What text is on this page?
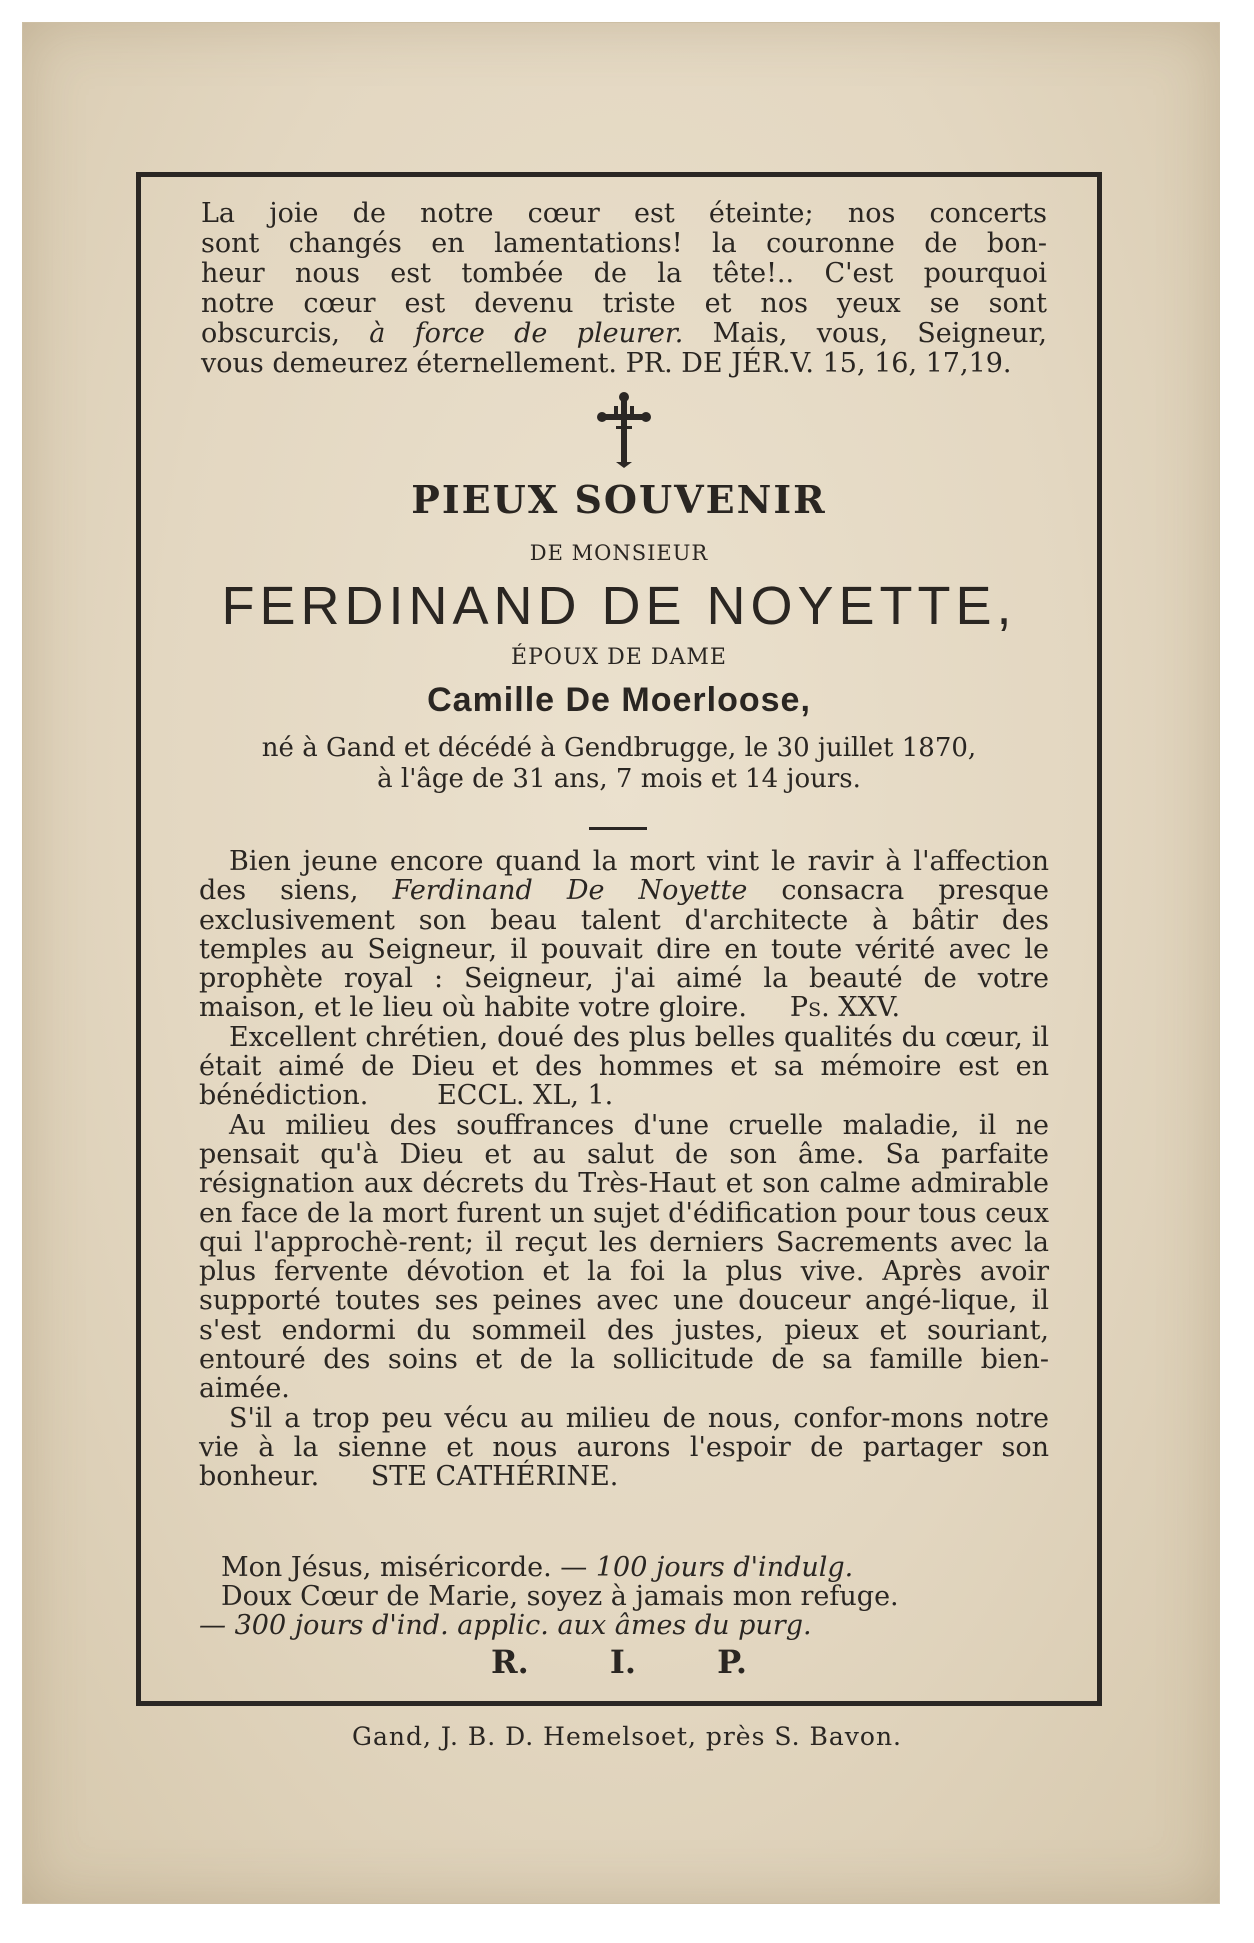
La joie de notre cœur est éteinte; nos concerts

sont changés en lamentations! la couronne de bon-

heur nous est tombée de la tête!.. C'est pourquoi

notre cœur est devenu triste et nos yeux se sont

obscurcis, à force de pleurer. Mais, vous, Seigneur,

vous demeurez éternellement. PR. DE JÉR.V. 15, 16, 17,19.

PIEUX SOUVENIR
DE MONSIEUR
FERDINAND DE NOYETTE,
ÉPOUX DE DAME
Camille De Moerloose,
né à Gand et décédé à Gendbrugge, le 30 juillet 1870,
à l'âge de 31 ans, 7 mois et 14 jours.

Bien jeune encore quand la mort vint le ravir à l'affection des siens, Ferdinand De Noyette consacra presque exclusivement son beau talent d'architecte à bâtir des temples au Seigneur, il pouvait dire en toute vérité avec le prophète royal : Seigneur, j'ai aimé la beauté de votre maison, et le lieu où habite votre gloire. Ps. XXV.

Excellent chrétien, doué des plus belles qualités du cœur, il était aimé de Dieu et des hommes et sa mémoire est en bénédiction.	ECCL. XL, 1.

Au milieu des souffrances d'une cruelle maladie, il ne pensait qu'à Dieu et au salut de son âme. Sa parfaite résignation aux décrets du Très-Haut et son calme admirable en face de la mort furent un sujet d'édification pour tous ceux qui l'approchè-rent; il reçut les derniers Sacrements avec la plus fervente dévotion et la foi la plus vive. Après avoir supporté toutes ses peines avec une douceur angé-lique, il s'est endormi du sommeil des justes, pieux et souriant, entouré des soins et de la sollicitude de sa famille bien-aimée.

S'il a trop peu vécu au milieu de nous, confor-mons notre vie à la sienne et nous aurons l'espoir de partager son bonheur. STE CATHÉRINE.

Mon Jésus, miséricorde. — 100 jours d'indulg.

Doux Cœur de Marie, soyez à jamais mon refuge.

— 300 jours d'ind. applic. aux âmes du purg.

R. I. P.
Gand, J. B. D. Hemelsoet, près S. Bavon.
